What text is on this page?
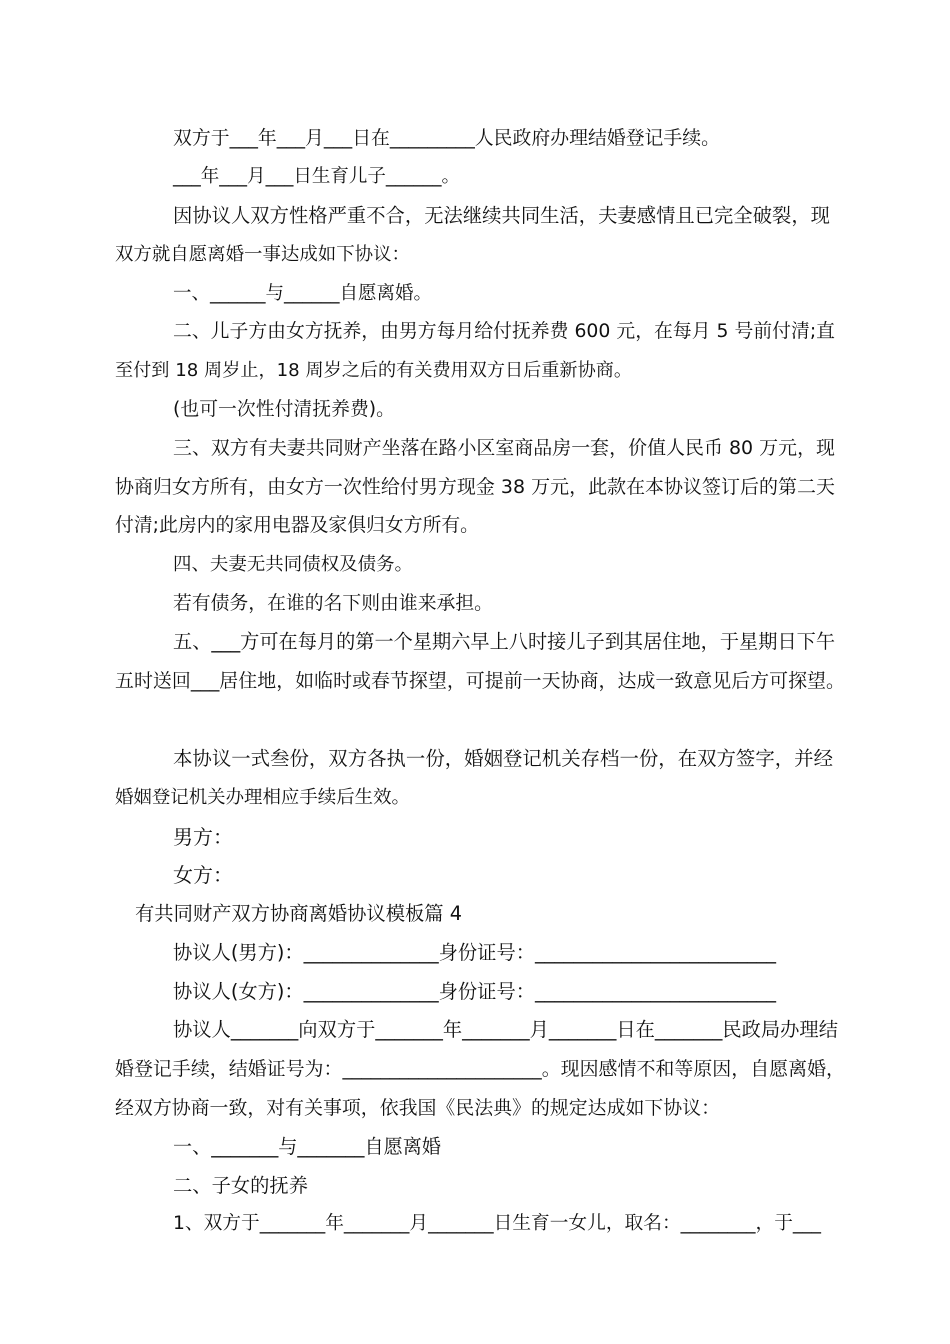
双方于___年___月___日在_________人民政府办理结婚登记手续。

___年___月___日生育儿子______。

因协议人双方性格严重不合，无法继续共同生活，夫妻感情且已完全破裂，现

双方就自愿离婚一事达成如下协议：

一、______与______自愿离婚。

二、儿子方由女方抚养，由男方每月给付抚养费 600 元，在每月 5 号前付清;直

至付到 18 周岁止，18 周岁之后的有关费用双方日后重新协商。

(也可一次性付清抚养费)。

三、双方有夫妻共同财产坐落在路小区室商品房一套，价值人民币 80 万元，现

协商归女方所有，由女方一次性给付男方现金 38 万元，此款在本协议签订后的第二天

付清;此房内的家用电器及家俱归女方所有。

四、夫妻无共同债权及债务。

若有债务，在谁的名下则由谁来承担。

五、___方可在每月的第一个星期六早上八时接儿子到其居住地，于星期日下午

五时送回___居住地，如临时或春节探望，可提前一天协商，达成一致意见后方可探望。

本协议一式叁份，双方各执一份，婚姻登记机关存档一份，在双方签字，并经

婚姻登记机关办理相应手续后生效。

男方：

女方：

有共同财产双方协商离婚协议模板篇 4

协议人(男方)：______________身份证号：_________________________

协议人(女方)：______________身份证号：_________________________

协议人_______向双方于_______年_______月_______日在_______民政局办理结

婚登记手续，结婚证号为：_____________________。现因感情不和等原因，自愿离婚，

经双方协商一致，对有关事项，依我国《民法典》的规定达成如下协议：

一、_______与_______自愿离婚

二、子女的抚养

1、双方于_______年_______月_______日生育一女儿，取名：________，于___
